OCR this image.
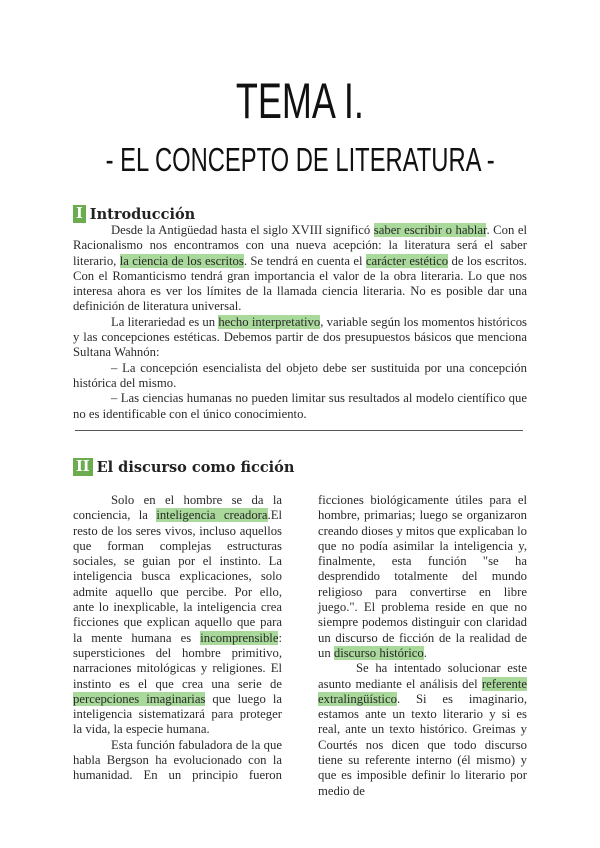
TEMA I.
- EL CONCEPTO DE LITERATURA -
I Introducción

Desde la Antigüedad hasta el siglo XVIII significó saber escribir o hablar. Con el Racionalismo nos encontramos con una nueva acepción: la literatura será el saber literario, la ciencia de los escritos. Se tendrá en cuenta el carácter estético de los escritos. Con el Romanticismo tendrá gran importancia el valor de la obra literaria. Lo que nos interesa ahora es ver los límites de la llamada ciencia literaria. No es posible dar una definición de literatura universal.

La literariedad es un hecho interpretativo, variable según los momentos históricos y las concepciones estéticas. Debemos partir de dos presupuestos básicos que menciona Sultana Wahnón:

– La concepción esencialista del objeto debe ser sustituida por una concepción histórica del mismo.

– Las ciencias humanas no pueden limitar sus resultados al modelo científico que no es identificable con el único conocimiento.

II El discurso como ficción

Solo en el hombre se da la conciencia, la inteligencia creadora.El resto de los seres vivos, incluso aquellos que forman complejas estructuras sociales, se guian por el instinto. La inteligencia busca explicaciones, solo admite aquello que percibe. Por ello, ante lo inexplicable, la inteligencia crea ficciones que explican aquello que para la mente humana es incomprensible: supersticiones del hombre primitivo, narraciones mitológicas y religiones. El instinto es el que crea una serie de percepciones imaginarias que luego la inteligencia sistematizará para proteger la vida, la especie humana.

Esta función fabuladora de la que habla Bergson ha evolucionado con la humanidad. En un principio fueron

ficciones biológicamente útiles para el hombre, primarias; luego se organizaron creando dioses y mitos que explicaban lo que no podía asimilar la inteligencia y, finalmente, esta función "se ha desprendido totalmente del mundo religioso para convertirse en libre juego.". El problema reside en que no siempre podemos distinguir con claridad un discurso de ficción de la realidad de un discurso histórico.

Se ha intentado solucionar este asunto mediante el análisis del referente extralingüístico. Si es imaginario, estamos ante un texto literario y si es real, ante un texto histórico. Greimas y Courtés nos dicen que todo discurso tiene su referente interno (él mismo) y que es imposible definir lo literario por medio de
